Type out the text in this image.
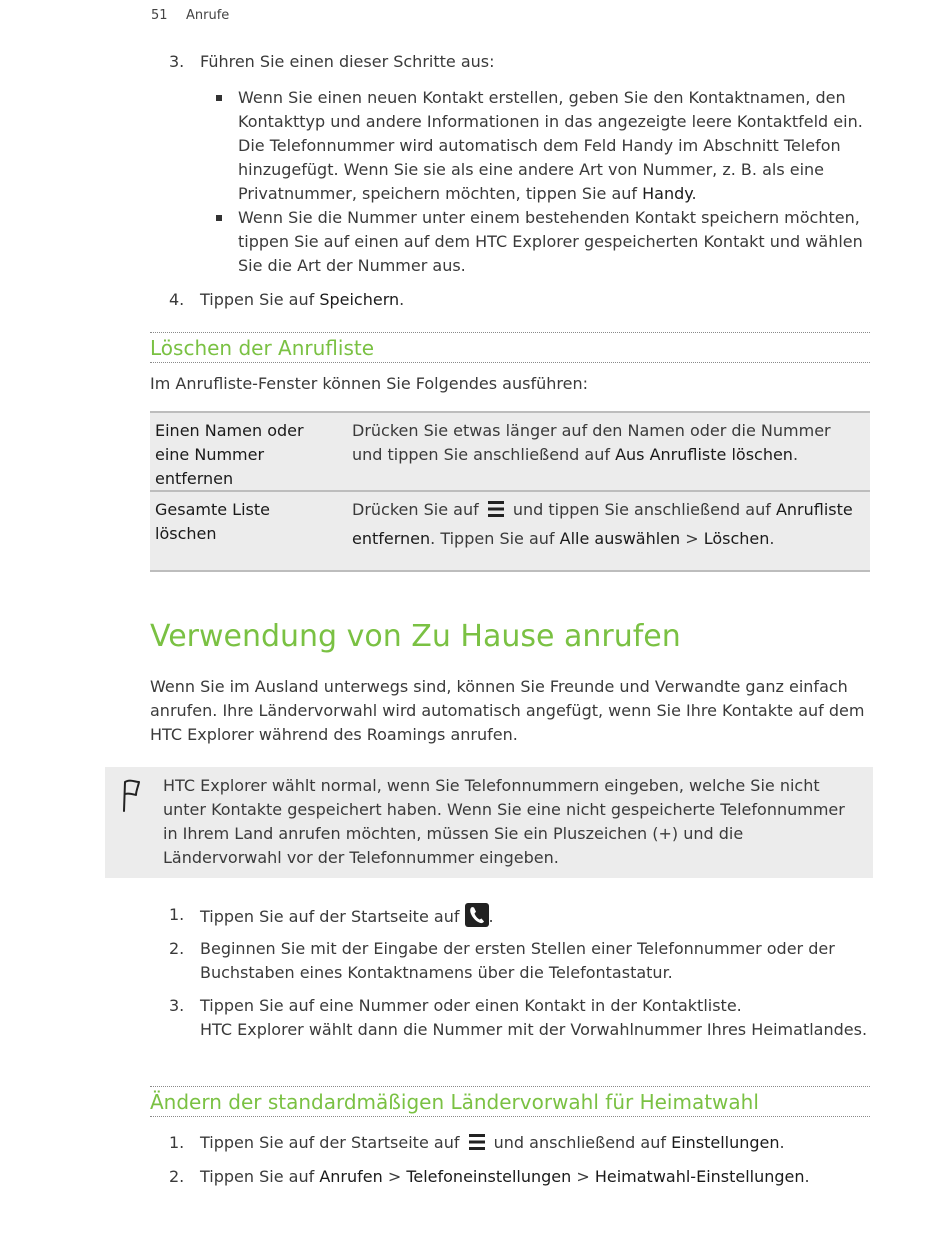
51 Anrufe
3. Führen Sie einen dieser Schritte aus:
Wenn Sie einen neuen Kontakt erstellen, geben Sie den Kontaktnamen, den Kontakttyp und andere Informationen in das angezeigte leere Kontaktfeld ein. Die Telefonnummer wird automatisch dem Feld Handy im Abschnitt Telefon hinzugefügt. Wenn Sie sie als eine andere Art von Nummer, z. B. als eine Privatnummer, speichern möchten, tippen Sie auf Handy.
Wenn Sie die Nummer unter einem bestehenden Kontakt speichern möchten, tippen Sie auf einen auf dem HTC Explorer gespeicherten Kontakt und wählen Sie die Art der Nummer aus.
4. Tippen Sie auf Speichern.
Löschen der Anrufliste
Im Anrufliste-Fenster können Sie Folgendes ausführen:
Einen Namen oder eine Nummer entfernen
Drücken Sie etwas länger auf den Namen oder die Nummer und tippen Sie anschließend auf Aus Anrufliste löschen.
Gesamte Liste löschen
Drücken Sie auf  und tippen Sie anschließend auf Anrufliste entfernen. Tippen Sie auf Alle auswählen > Löschen.
Verwendung von Zu Hause anrufen
Wenn Sie im Ausland unterwegs sind, können Sie Freunde und Verwandte ganz einfach anrufen. Ihre Ländervorwahl wird automatisch angefügt, wenn Sie Ihre Kontakte auf dem HTC Explorer während des Roamings anrufen.
HTC Explorer wählt normal, wenn Sie Telefonnummern eingeben, welche Sie nicht unter Kontakte gespeichert haben. Wenn Sie eine nicht gespeicherte Telefonnummer in Ihrem Land anrufen möchten, müssen Sie ein Pluszeichen (+) und die Ländervorwahl vor der Telefonnummer eingeben.
1. Tippen Sie auf der Startseite auf .
2. Beginnen Sie mit der Eingabe der ersten Stellen einer Telefonnummer oder der Buchstaben eines Kontaktnamens über die Telefontastatur.
3. Tippen Sie auf eine Nummer oder einen Kontakt in der Kontaktliste.
HTC Explorer wählt dann die Nummer mit der Vorwahlnummer Ihres Heimatlandes.
Ändern der standardmäßigen Ländervorwahl für Heimatwahl
1. Tippen Sie auf der Startseite auf  und anschließend auf Einstellungen.
2. Tippen Sie auf Anrufen > Telefoneinstellungen > Heimatwahl-Einstellungen.
